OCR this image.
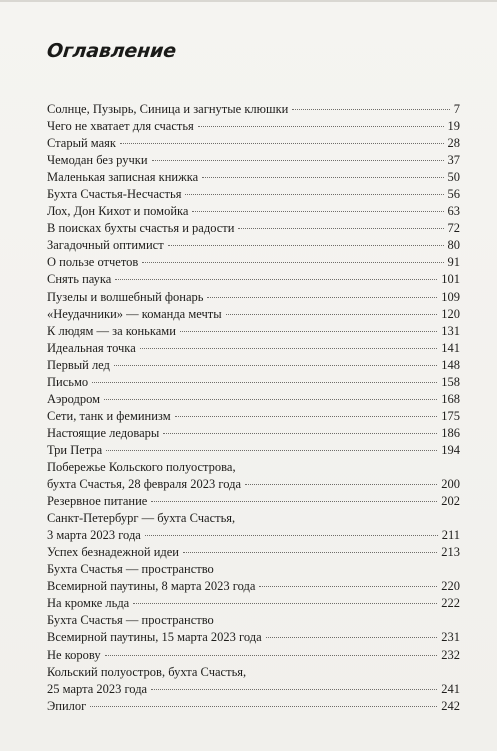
Оглавление
Солнце, Пузырь, Синица и загнутые клюшки	7
Чего не хватает для счастья	19
Старый маяк	28
Чемодан без ручки	37
Маленькая записная книжка	50
Бухта Счастья-Несчастья	56
Лох, Дон Кихот и помойка	63
В поисках бухты счастья и радости	72
Загадочный оптимист	80
О пользе отчетов	91
Снять паука	101
Пузелы и волшебный фонарь	109
«Неудачники» — команда мечты	120
К людям — за коньками	131
Идеальная точка	141
Первый лед	148
Письмо	158
Аэродром	168
Сети, танк и феминизм	175
Настоящие ледовары	186
Три Петра	194
Побережье Кольского полуострова,
бухта Счастья, 28 февраля 2023 года	200
Резервное питание	202
Санкт-Петербург — бухта Счастья,
3 марта 2023 года	211
Успех безнадежной идеи	213
Бухта Счастья — пространство
Всемирной паутины, 8 марта 2023 года	220
На кромке льда	222
Бухта Счастья — пространство
Всемирной паутины, 15 марта 2023 года	231
Не корову	232
Кольский полуостров, бухта Счастья,
25 марта 2023 года	241
Эпилог	242
